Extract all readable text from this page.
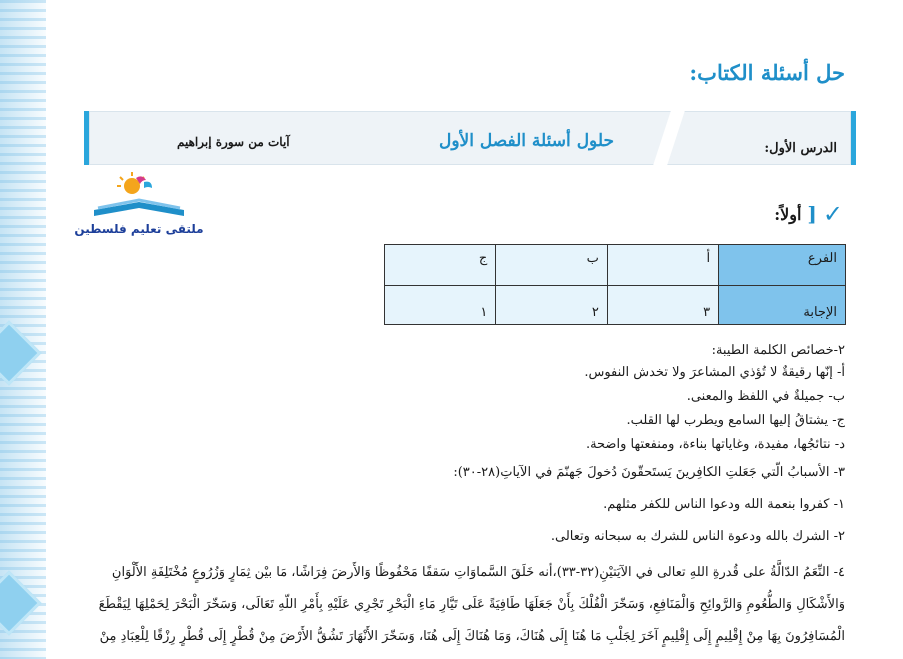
حل أسئلة الكتاب:
الدرس الأول:
حلول أسئلة الفصل الأول
آيات من سورة إبراهيم
ملتقى تعليم فلسطين
✓
[
أولاً:
الفرع	أ	ب	ج
الإجابة	٣	٢	١
٢-خصائص الكلمة الطيبة:
أ- إنّها رقيقةٌ لا تُؤذي المشاعرَ ولا تخدش النفوس.
ب- جميلةٌ في اللفظ والمعنى.
ج- يشتاقُ إليها السامع ويطرب لها القلب.
د- نتائجُها، مفيدة، وغاياتها بناءة، ومنفعتها واضحة.
٣- الأسبابُ الّتي جَعَلتِ الكافِرينَ يَستَحقّونَ دُخولَ جَهنّمَ في الآياتِ(٢٨-٣٠):
١- كفروا بنعمة الله ودعوا الناس للكفر مثلهم.
٢- الشرك بالله ودعوة الناس للشرك به سبحانه وتعالى.
٤- النِّعَمُ الدّالَّةُ على قُدرةِ اللهِ تعالى في الآيَتيْنِ(٣٢-٣٣)،أنه خَلَقَ السَّماوَاتِ سَقفًا مَحْفُوظًا وَالأَرضَ فِرَاشًا، مَا بيْن ثِمَارٍ وَزُرُوعٍ مُخْتَلِفَةِ الأَلْوَانِ
وَالأَشْكَالِ وَالطُّعُومِ وَالرَّوائِحِ وَالْمَنَافِعِ، وَسَخّرَ الْفُلْكَ بِأَنْ جَعَلَهَا طَافِيَةً عَلَى تَيَّارِ مَاءِ الْبَحْرِ تَجْرِي عَلَيْهِ بِأَمْرِ اللّهِ تَعَالَى، وَسَخّرَ الْبَحْرَ لِحَمْلِهَا لِيَقْطَعَ
الْمُسَافِرُونَ بِهَا مِنْ إِقْلِيمٍ إِلَى إِقْلِيمٍ آخَرَ لِجَلْبِ مَا هُنَا إِلَى هُنَاكَ، وَمَا هُنَاكَ إِلَى هُنَا، وَسَخّرَ الأَنْهَارَ تَشُقُّ الأَرْضَ مِنْ قُطْرٍ إِلَى قُطْرٍ رِزْقًا لِلْعِبَادِ مِنْ
